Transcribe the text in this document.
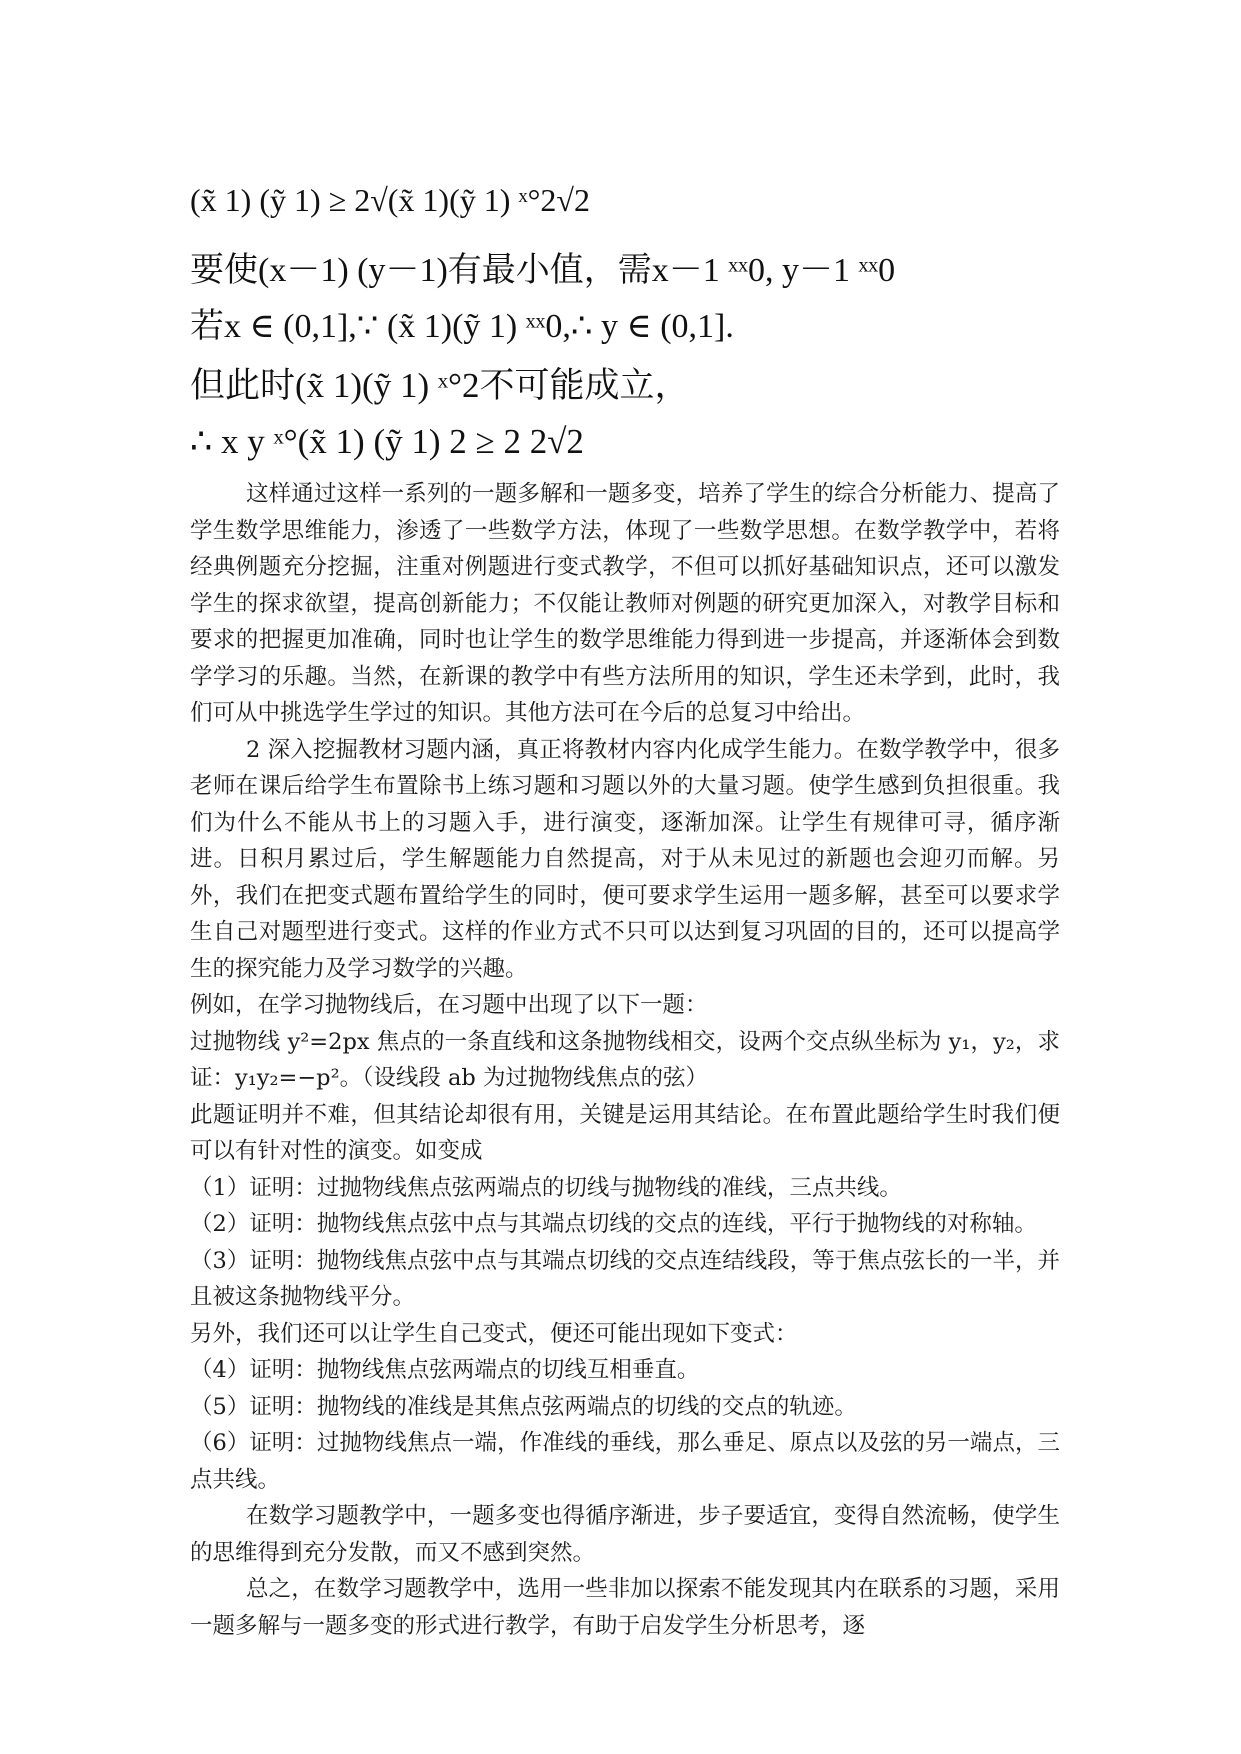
(x̃ 1) (ỹ 1) ≥ 2√(x̃ 1)(ỹ 1) ˣ°2√2
要使(x－1) (y－1)有最小值，需x－1 ˣˣ0, y－1 ˣˣ0
若x ∈ (0,1],∵ (x̃ 1)(ỹ 1) ˣˣ0,∴ y ∈ (0,1].
但此时(x̃ 1)(ỹ 1) ˣ°2不可能成立，
∴ x y ˣ°(x̃ 1) (ỹ 1) 2 ≥ 2 2√2

这样通过这样一系列的一题多解和一题多变，培养了学生的综合分析能力、提高了学生数学思维能力，渗透了一些数学方法，体现了一些数学思想。在数学教学中，若将经典例题充分挖掘，注重对例题进行变式教学，不但可以抓好基础知识点，还可以激发学生的探求欲望，提高创新能力；不仅能让教师对例题的研究更加深入，对教学目标和要求的把握更加准确，同时也让学生的数学思维能力得到进一步提高，并逐渐体会到数学学习的乐趣。当然，在新课的教学中有些方法所用的知识，学生还未学到，此时，我们可从中挑选学生学过的知识。其他方法可在今后的总复习中给出。

2 深入挖掘教材习题内涵，真正将教材内容内化成学生能力。在数学教学中，很多老师在课后给学生布置除书上练习题和习题以外的大量习题。使学生感到负担很重。我们为什么不能从书上的习题入手，进行演变，逐渐加深。让学生有规律可寻，循序渐进。日积月累过后，学生解题能力自然提高，对于从未见过的新题也会迎刃而解。另外，我们在把变式题布置给学生的同时，便可要求学生运用一题多解，甚至可以要求学生自己对题型进行变式。这样的作业方式不只可以达到复习巩固的目的，还可以提高学生的探究能力及学习数学的兴趣。

例如，在学习抛物线后，在习题中出现了以下一题：

过抛物线 y²=2px 焦点的一条直线和这条抛物线相交，设两个交点纵坐标为 y₁，y₂，求证：y₁y₂=−p²。（设线段 ab 为过抛物线焦点的弦）

此题证明并不难，但其结论却很有用，关键是运用其结论。在布置此题给学生时我们便可以有针对性的演变。如变成

（1）证明：过抛物线焦点弦两端点的切线与抛物线的准线，三点共线。

（2）证明：抛物线焦点弦中点与其端点切线的交点的连线，平行于抛物线的对称轴。

（3）证明：抛物线焦点弦中点与其端点切线的交点连结线段，等于焦点弦长的一半，并且被这条抛物线平分。

另外，我们还可以让学生自己变式，便还可能出现如下变式：

（4）证明：抛物线焦点弦两端点的切线互相垂直。

（5）证明：抛物线的准线是其焦点弦两端点的切线的交点的轨迹。

（6）证明：过抛物线焦点一端，作准线的垂线，那么垂足、原点以及弦的另一端点，三点共线。

在数学习题教学中，一题多变也得循序渐进，步子要适宜，变得自然流畅，使学生的思维得到充分发散，而又不感到突然。

总之，在数学习题教学中，选用一些非加以探索不能发现其内在联系的习题，采用一题多解与一题多变的形式进行教学，有助于启发学生分析思考，逐
